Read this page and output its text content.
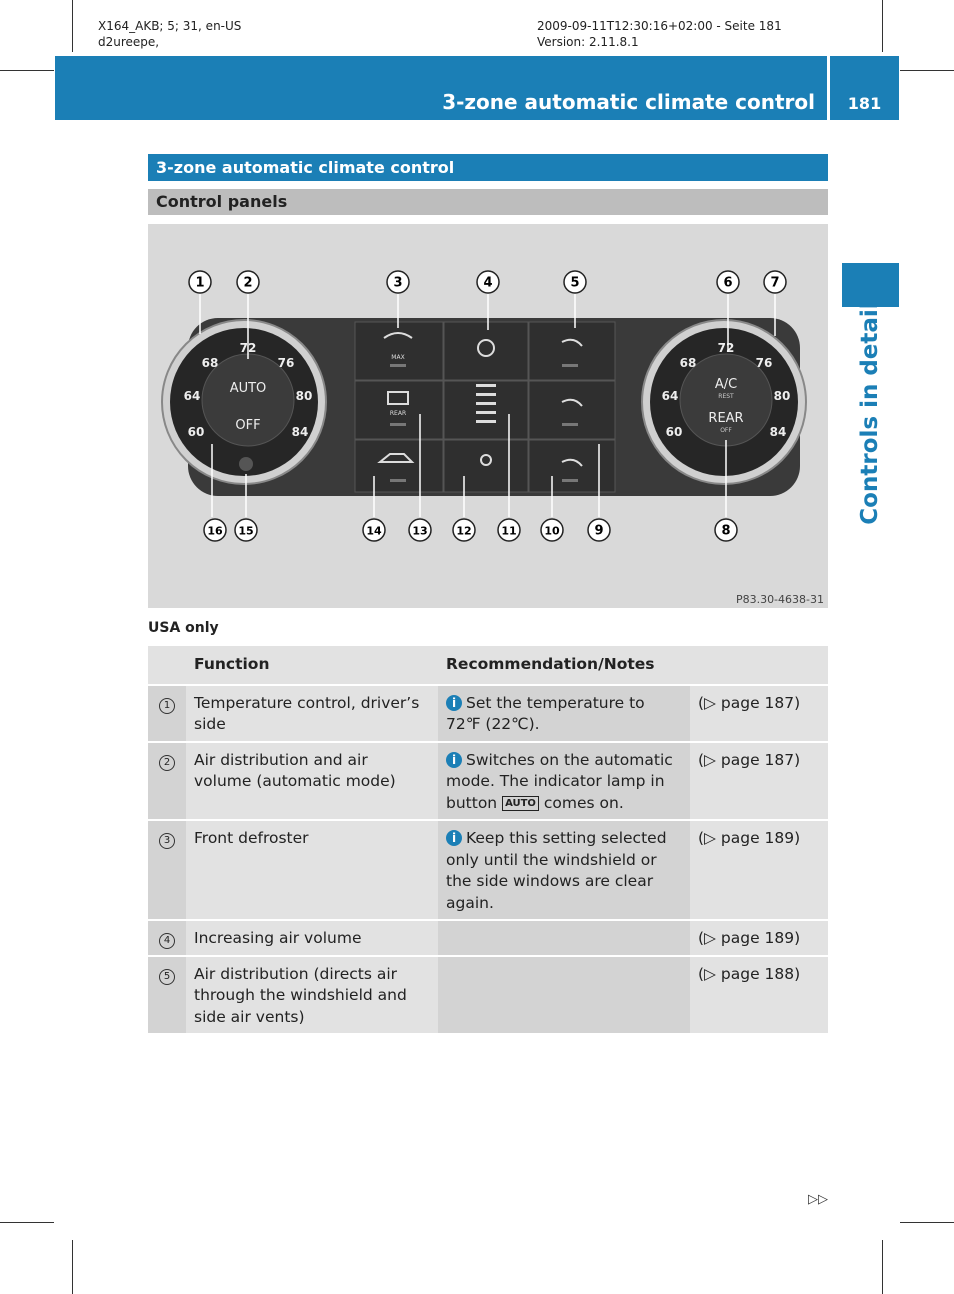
X164_AKB; 5; 31, en-US
d2ureepe,
2009-09-11T12:30:16+02:00 - Seite 181
Version: 2.11.8.1
3-zone automatic climate control	181
Controls in detail
3-zone automatic climate control
Control panels
MAX
REAR
60
64
68
72
76
80
84
AUTO
OFF	60
64
68
72
76
80
84
A/C
REST
REAR
OFF
1	2	3	4	5	6	7
8
9
10
11
12
13
14
15
16
P83.30-4638-31
USA only
	Function	Recommendation/Notes	
1	Temperature control, driver’s side	i Set the temperature to 72℉ (22℃).	(▷ page 187)
2	Air distribution and air volume (automatic mode)	i Switches on the automatic mode. The indicator lamp in button AUTO comes on.	(▷ page 187)
3	Front defroster	i Keep this setting selected only until the windshield or the side windows are clear again.	(▷ page 189)
4	Increasing air volume		(▷ page 189)
5	Air distribution (directs air through the windshield and side air vents)		(▷ page 188)
▷▷
